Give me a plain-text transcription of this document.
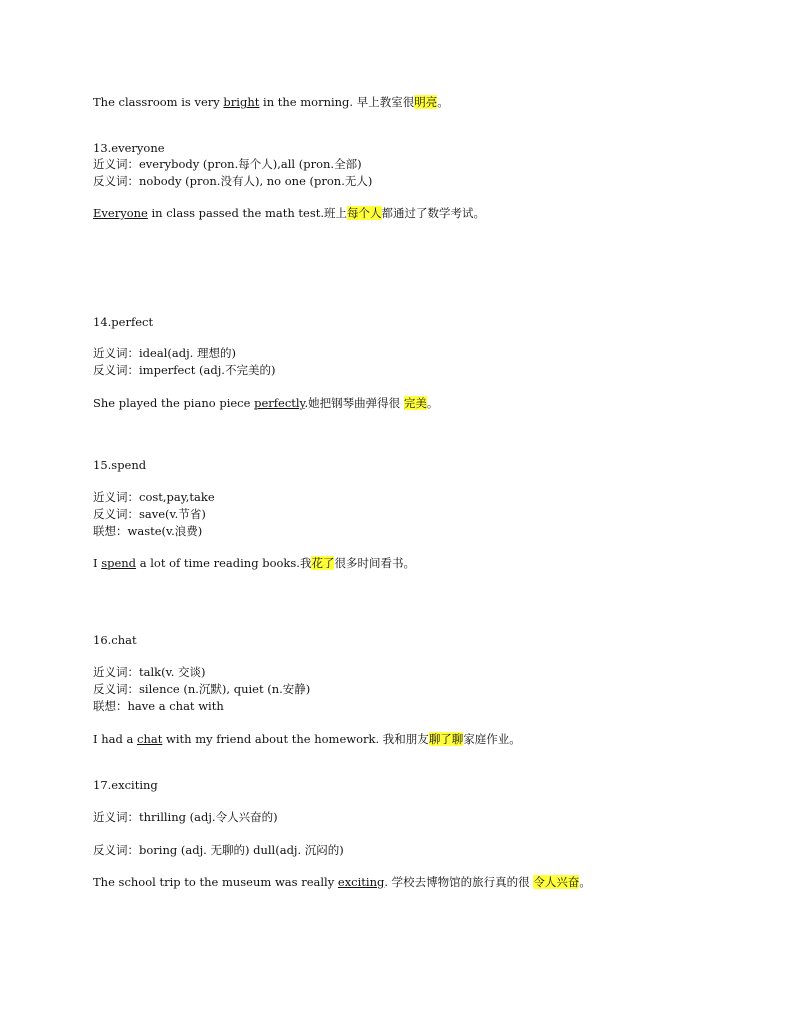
The classroom is very bright in the morning. 早上教室很明亮。
13.everyone
近义词：everybody (pron.每个人),all (pron.全部)
反义词：nobody (pron.没有人), no one (pron.无人)
Everyone in class passed the math test.班上每个人都通过了数学考试。
14.perfect
近义词：ideal(adj. 理想的)
反义词：imperfect (adj.不完美的)
She played the piano piece perfectly.她把钢琴曲弹得很 完美。
15.spend
近义词：cost,pay,take
反义词：save(v.节省)
联想：waste(v.浪费)
I spend a lot of time reading books.我花了很多时间看书。
16.chat
近义词：talk(v. 交谈)
反义词：silence (n.沉默), quiet (n.安静)
联想：have a chat with
I had a chat with my friend about the homework. 我和朋友聊了聊家庭作业。
17.exciting
近义词：thrilling (adj.令人兴奋的)
反义词：boring (adj. 无聊的) dull(adj. 沉闷的)
The school trip to the museum was really exciting. 学校去博物馆的旅行真的很 令人兴奋。
